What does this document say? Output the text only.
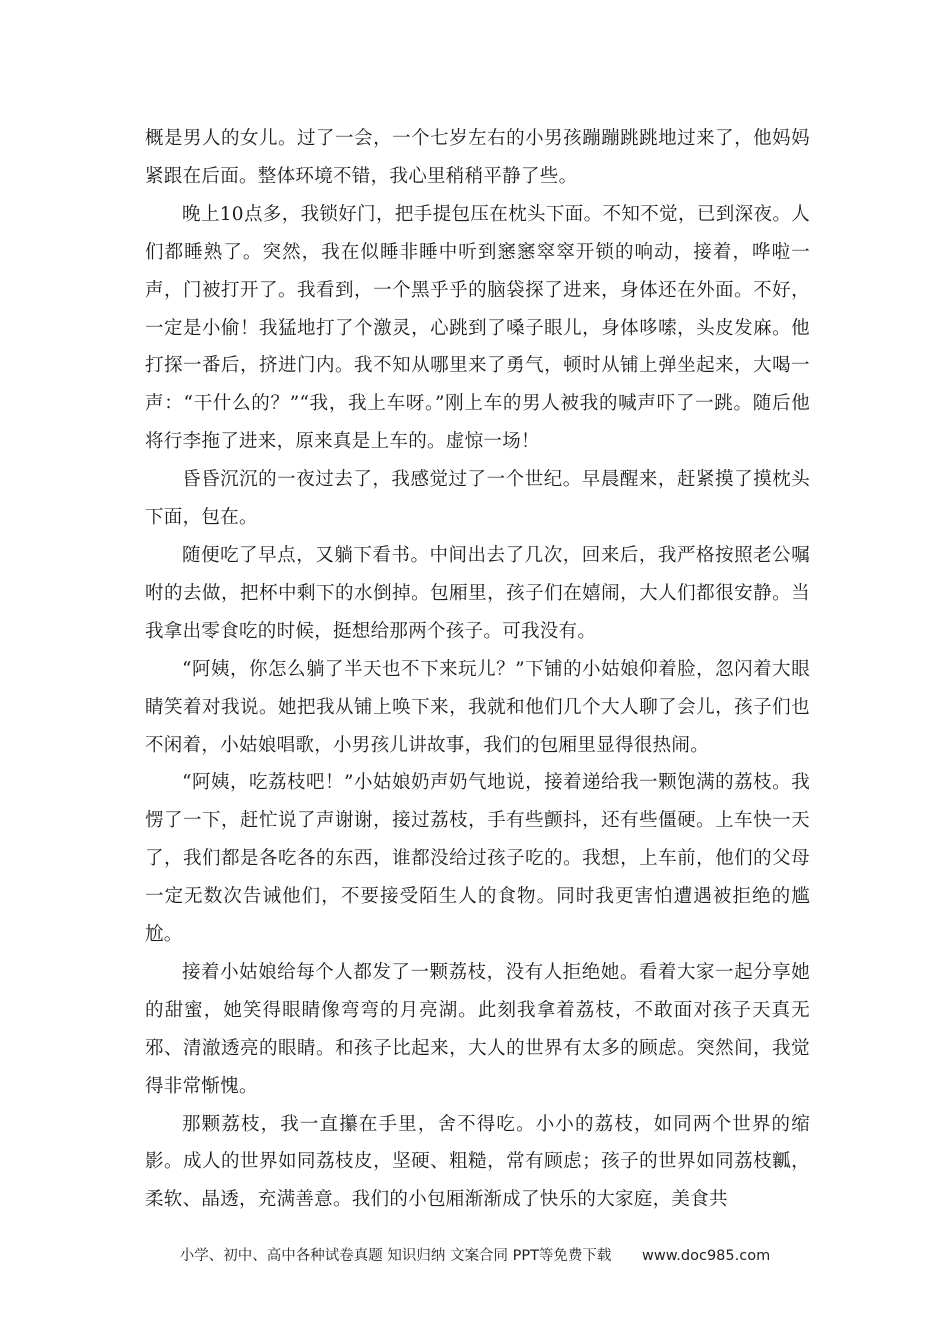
概是男人的女儿。过了一会，一个七岁左右的小男孩蹦蹦跳跳地过来了，他妈妈紧跟在后面。整体环境不错，我心里稍稍平静了些。

晚上10点多，我锁好门，把手提包压在枕头下面。不知不觉，已到深夜。人们都睡熟了。突然，我在似睡非睡中听到窸窸窣窣开锁的响动，接着，哗啦一声，门被打开了。我看到，一个黑乎乎的脑袋探了进来，身体还在外面。不好，一定是小偷！我猛地打了个激灵，心跳到了嗓子眼儿，身体哆嗦，头皮发麻。他打探一番后，挤进门内。我不知从哪里来了勇气，顿时从铺上弹坐起来，大喝一声：“干什么的？”“我，我上车呀。”刚上车的男人被我的喊声吓了一跳。随后他将行李拖了进来，原来真是上车的。虚惊一场！

昏昏沉沉的一夜过去了，我感觉过了一个世纪。早晨醒来，赶紧摸了摸枕头下面，包在。

随便吃了早点，又躺下看书。中间出去了几次，回来后，我严格按照老公嘱咐的去做，把杯中剩下的水倒掉。包厢里，孩子们在嬉闹，大人们都很安静。当我拿出零食吃的时候，挺想给那两个孩子。可我没有。

“阿姨，你怎么躺了半天也不下来玩儿？”下铺的小姑娘仰着脸，忽闪着大眼睛笑着对我说。她把我从铺上唤下来，我就和他们几个大人聊了会儿，孩子们也不闲着，小姑娘唱歌，小男孩儿讲故事，我们的包厢里显得很热闹。

“阿姨，吃荔枝吧！”小姑娘奶声奶气地说，接着递给我一颗饱满的荔枝。我愣了一下，赶忙说了声谢谢，接过荔枝，手有些颤抖，还有些僵硬。上车快一天了，我们都是各吃各的东西，谁都没给过孩子吃的。我想，上车前，他们的父母一定无数次告诫他们，不要接受陌生人的食物。同时我更害怕遭遇被拒绝的尴尬。

接着小姑娘给每个人都发了一颗荔枝，没有人拒绝她。看着大家一起分享她的甜蜜，她笑得眼睛像弯弯的月亮湖。此刻我拿着荔枝，不敢面对孩子天真无邪、清澈透亮的眼睛。和孩子比起来，大人的世界有太多的顾虑。突然间，我觉得非常惭愧。

那颗荔枝，我一直攥在手里，舍不得吃。小小的荔枝，如同两个世界的缩影。成人的世界如同荔枝皮，坚硬、粗糙，常有顾虑；孩子的世界如同荔枝瓤，柔软、晶透，充满善意。我们的小包厢渐渐成了快乐的大家庭，美食共

小学、初中、高中各种试卷真题 知识归纳 文案合同 PPT等免费下载 www.doc985.com
